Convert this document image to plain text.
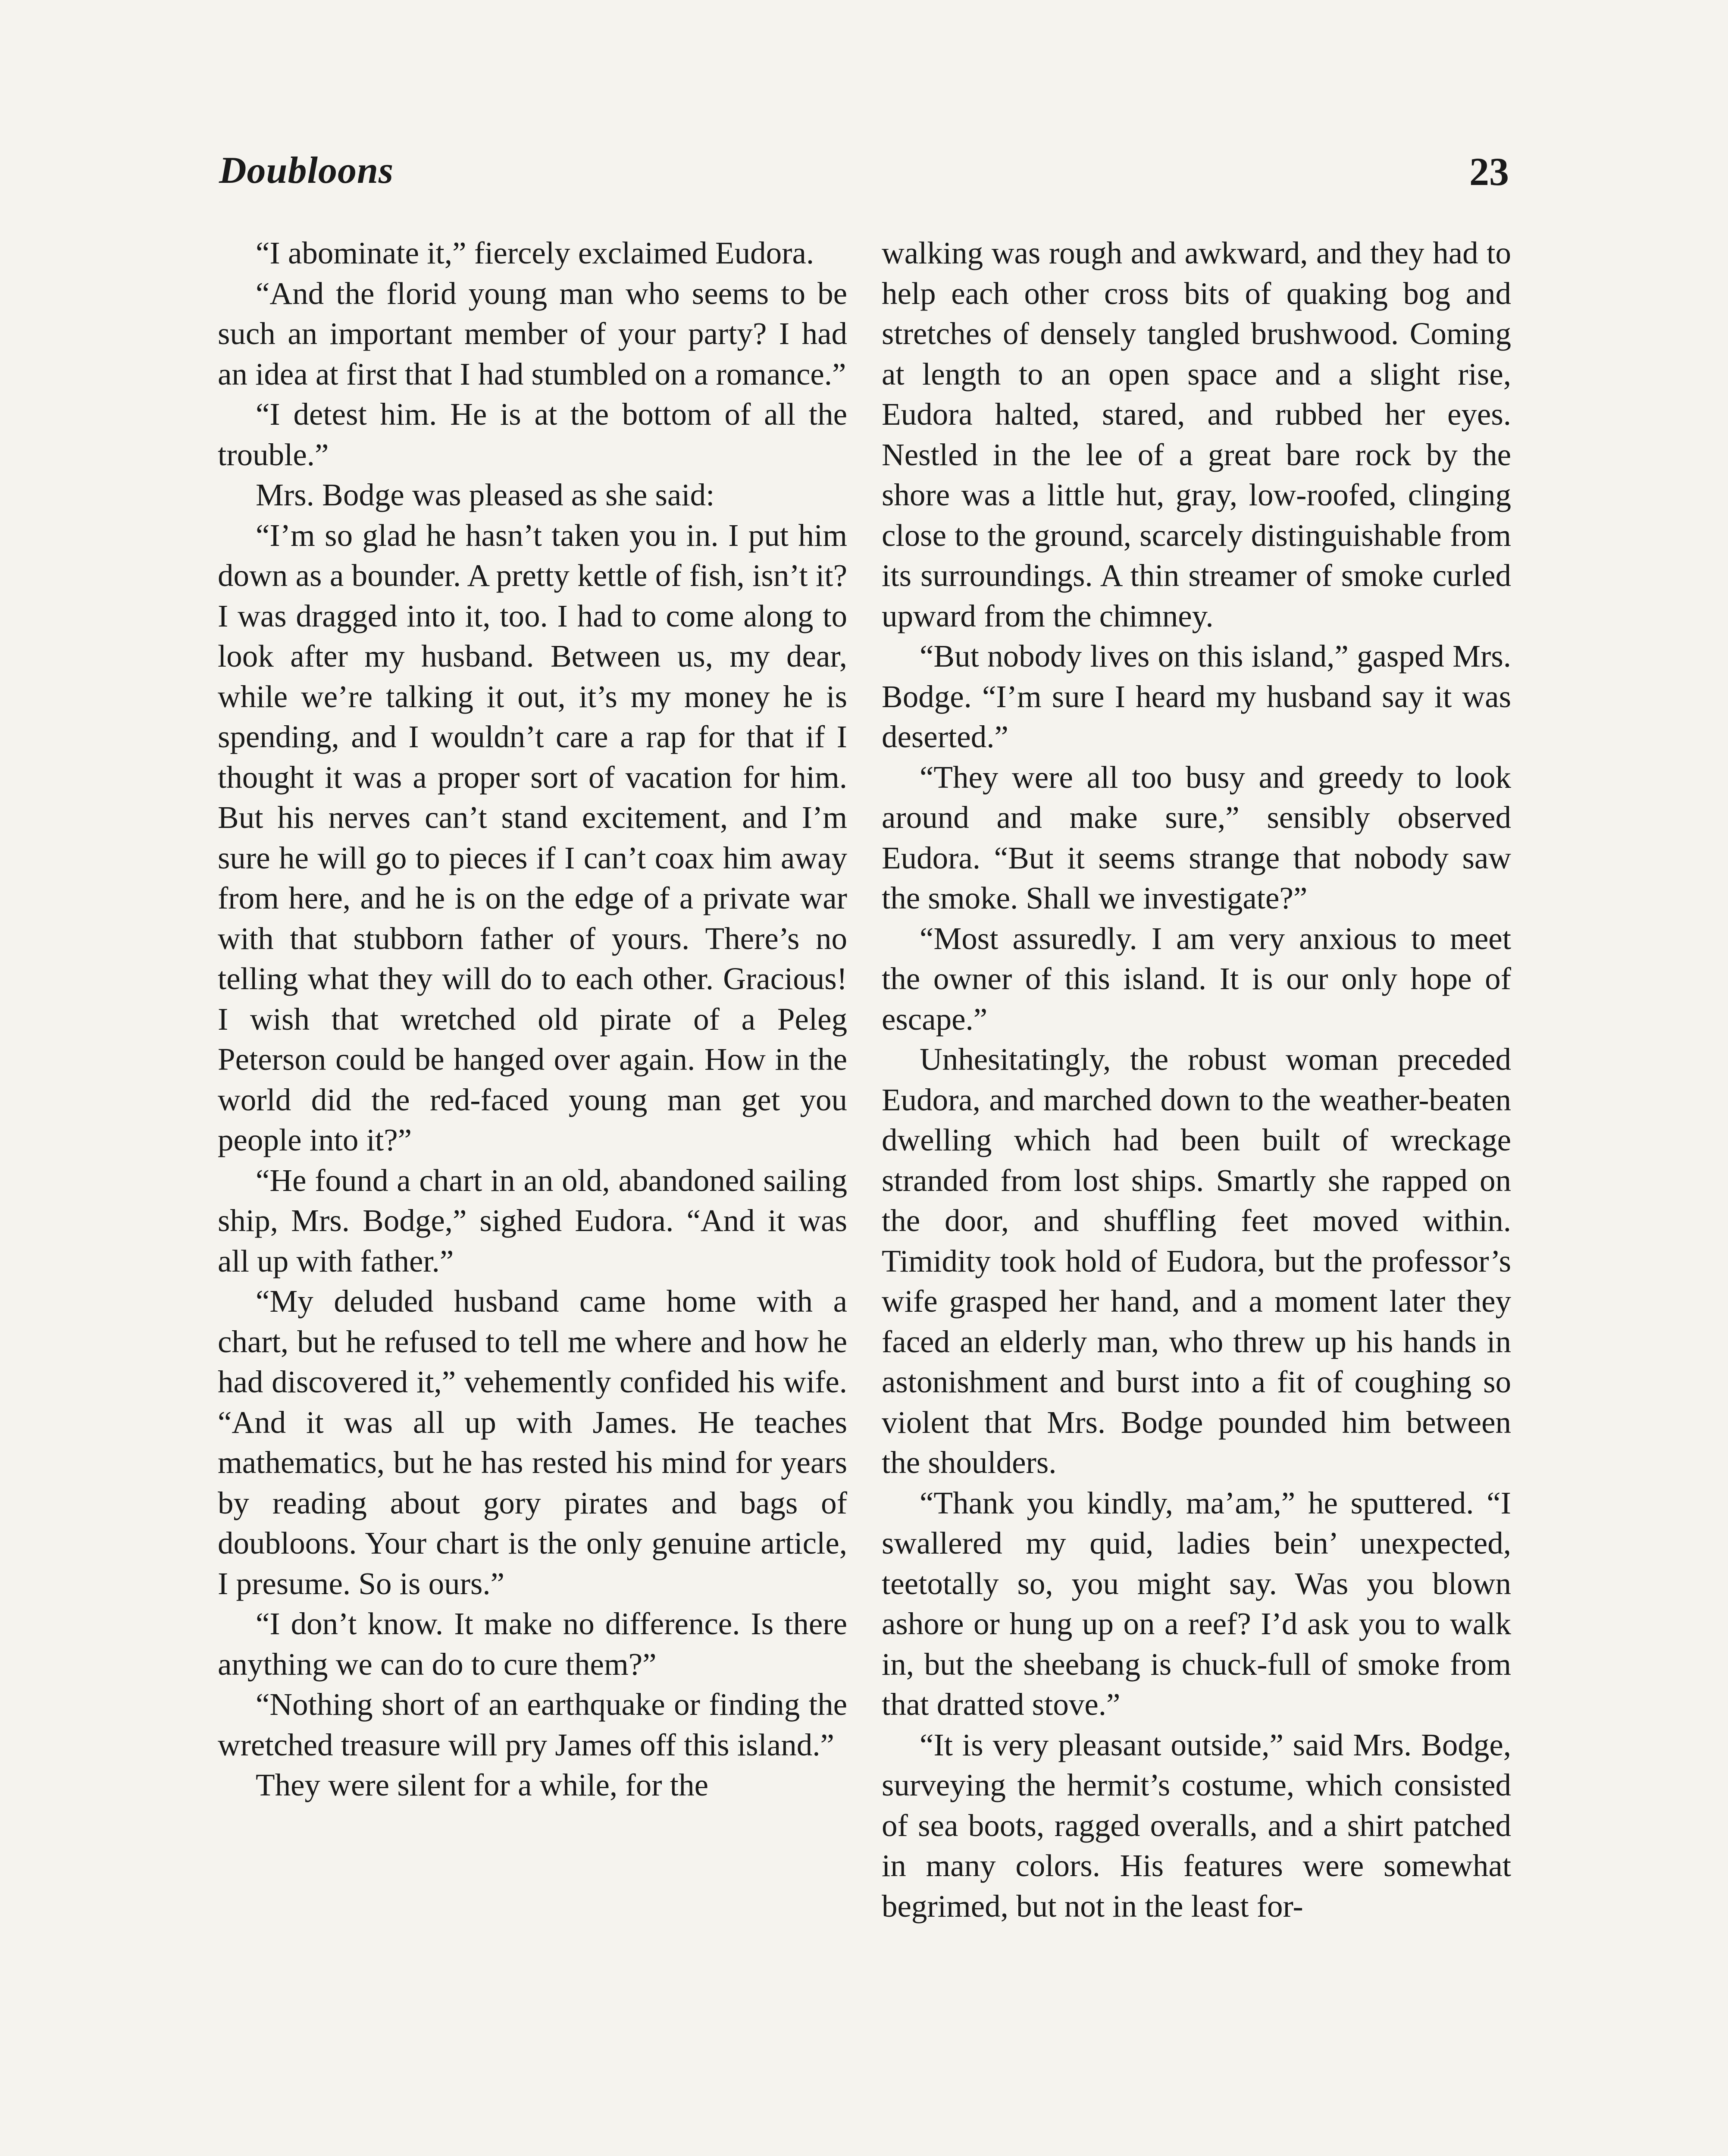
Doubloons	23

“I abominate it,” fiercely exclaimed Eudora.

“And the florid young man who seems to be such an important member of your party? I had an idea at first that I had stumbled on a romance.”

“I detest him. He is at the bottom of all the trouble.”

Mrs. Bodge was pleased as she said:

“I’m so glad he hasn’t taken you in. I put him down as a bounder. A pretty kettle of fish, isn’t it? I was dragged into it, too. I had to come along to look after my husband. Between us, my dear, while we’re talking it out, it’s my money he is spending, and I wouldn’t care a rap for that if I thought it was a proper sort of vacation for him. But his nerves can’t stand excitement, and I’m sure he will go to pieces if I can’t coax him away from here, and he is on the edge of a private war with that stubborn father of yours. There’s no telling what they will do to each other. Gracious! I wish that wretched old pirate of a Peleg Peterson could be hanged over again. How in the world did the red-faced young man get you people into it?”

“He found a chart in an old, abandoned sailing ship, Mrs. Bodge,” sighed Eudora. “And it was all up with father.”

“My deluded husband came home with a chart, but he refused to tell me where and how he had discovered it,” vehemently confided his wife. “And it was all up with James. He teaches mathematics, but he has rested his mind for years by reading about gory pirates and bags of doubloons. Your chart is the only genuine article, I presume. So is ours.”

“I don’t know. It make no difference. Is there anything we can do to cure them?”

“Nothing short of an earthquake or finding the wretched treasure will pry James off this island.”

They were silent for a while, for the

walking was rough and awkward, and they had to help each other cross bits of quaking bog and stretches of densely tangled brushwood. Coming at length to an open space and a slight rise, Eudora halted, stared, and rubbed her eyes. Nestled in the lee of a great bare rock by the shore was a little hut, gray, low-roofed, clinging close to the ground, scarcely distinguishable from its surroundings. A thin streamer of smoke curled upward from the chimney.

“But nobody lives on this island,” gasped Mrs. Bodge. “I’m sure I heard my husband say it was deserted.”

“They were all too busy and greedy to look around and make sure,” sensibly observed Eudora. “But it seems strange that nobody saw the smoke. Shall we investigate?”

“Most assuredly. I am very anxious to meet the owner of this island. It is our only hope of escape.”

Unhesitatingly, the robust woman preceded Eudora, and marched down to the weather-beaten dwelling which had been built of wreckage stranded from lost ships. Smartly she rapped on the door, and shuffling feet moved within. Timidity took hold of Eudora, but the professor’s wife grasped her hand, and a moment later they faced an elderly man, who threw up his hands in astonishment and burst into a fit of coughing so violent that Mrs. Bodge pounded him between the shoulders.

“Thank you kindly, ma’am,” he sputtered. “I swallered my quid, ladies bein’ unexpected, teetotally so, you might say. Was you blown ashore or hung up on a reef? I’d ask you to walk in, but the sheebang is chuck-full of smoke from that dratted stove.”

“It is very pleasant outside,” said Mrs. Bodge, surveying the hermit’s costume, which consisted of sea boots, ragged overalls, and a shirt patched in many colors. His features were somewhat begrimed, but not in the least for-
